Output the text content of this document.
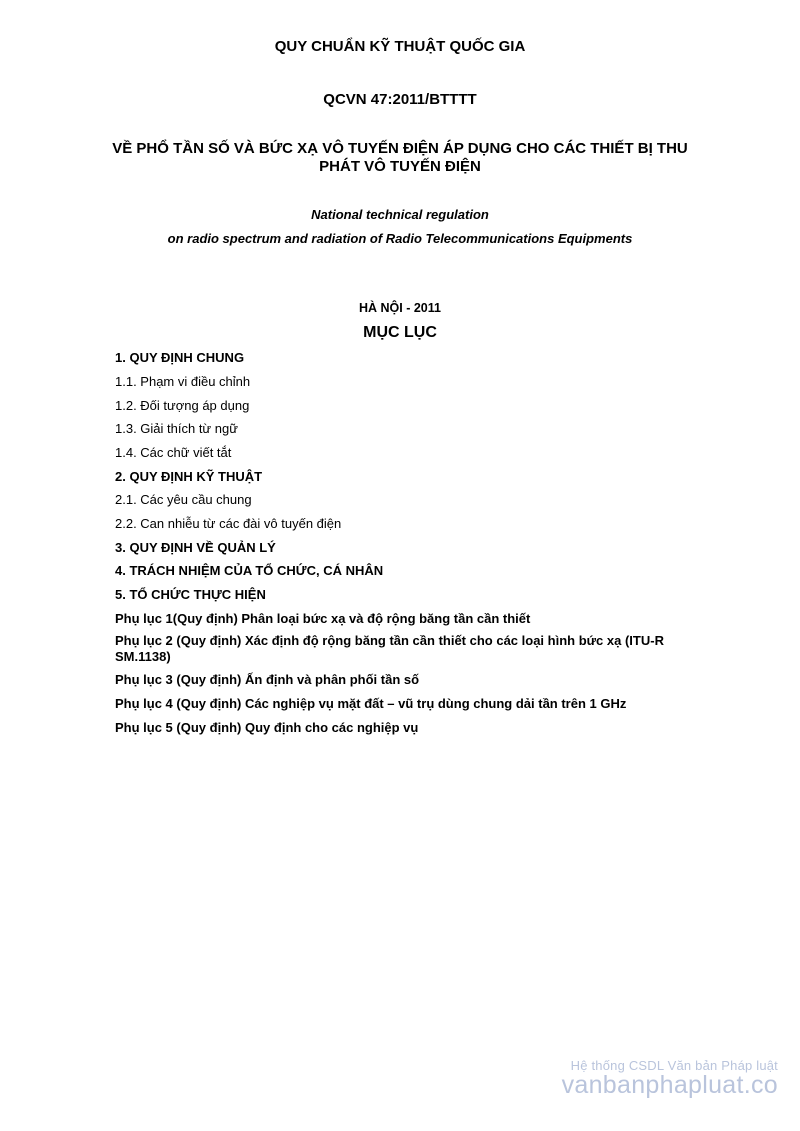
QUY CHUẨN KỸ THUẬT QUỐC GIA
QCVN 47:2011/BTTTT
VỀ PHỔ TẦN SỐ VÀ BỨC XẠ VÔ TUYẾN ĐIỆN ÁP DỤNG CHO CÁC THIẾT BỊ THU PHÁT VÔ TUYẾN ĐIỆN
National technical regulation
on radio spectrum and radiation of Radio Telecommunications Equipments
HÀ NỘI - 2011
MỤC LỤC
1. QUY ĐỊNH CHUNG
1.1. Phạm vi điều chỉnh
1.2. Đối tượng áp dụng
1.3. Giải thích từ ngữ
1.4. Các chữ viết tắt
2. QUY ĐỊNH KỸ THUẬT
2.1. Các yêu cầu chung
2.2. Can nhiễu từ các đài vô tuyến điện
3. QUY ĐỊNH VỀ QUẢN LÝ
4. TRÁCH NHIỆM CỦA TỔ CHỨC, CÁ NHÂN
5. TỔ CHỨC THỰC HIỆN
Phụ lục 1(Quy định) Phân loại bức xạ và độ rộng băng tần cần thiết
Phụ lục 2 (Quy định) Xác định độ rộng băng tần cần thiết cho các loại hình bức xạ (ITU-R SM.1138)
Phụ lục 3 (Quy định) Ấn định và phân phối tần số
Phụ lục 4 (Quy định) Các nghiệp vụ mặt đất – vũ trụ dùng chung dải tần trên 1 GHz
Phụ lục 5 (Quy định) Quy định cho các nghiệp vụ
Hệ thống CSDL Văn bản Pháp luật
vanbanphapluat.co
